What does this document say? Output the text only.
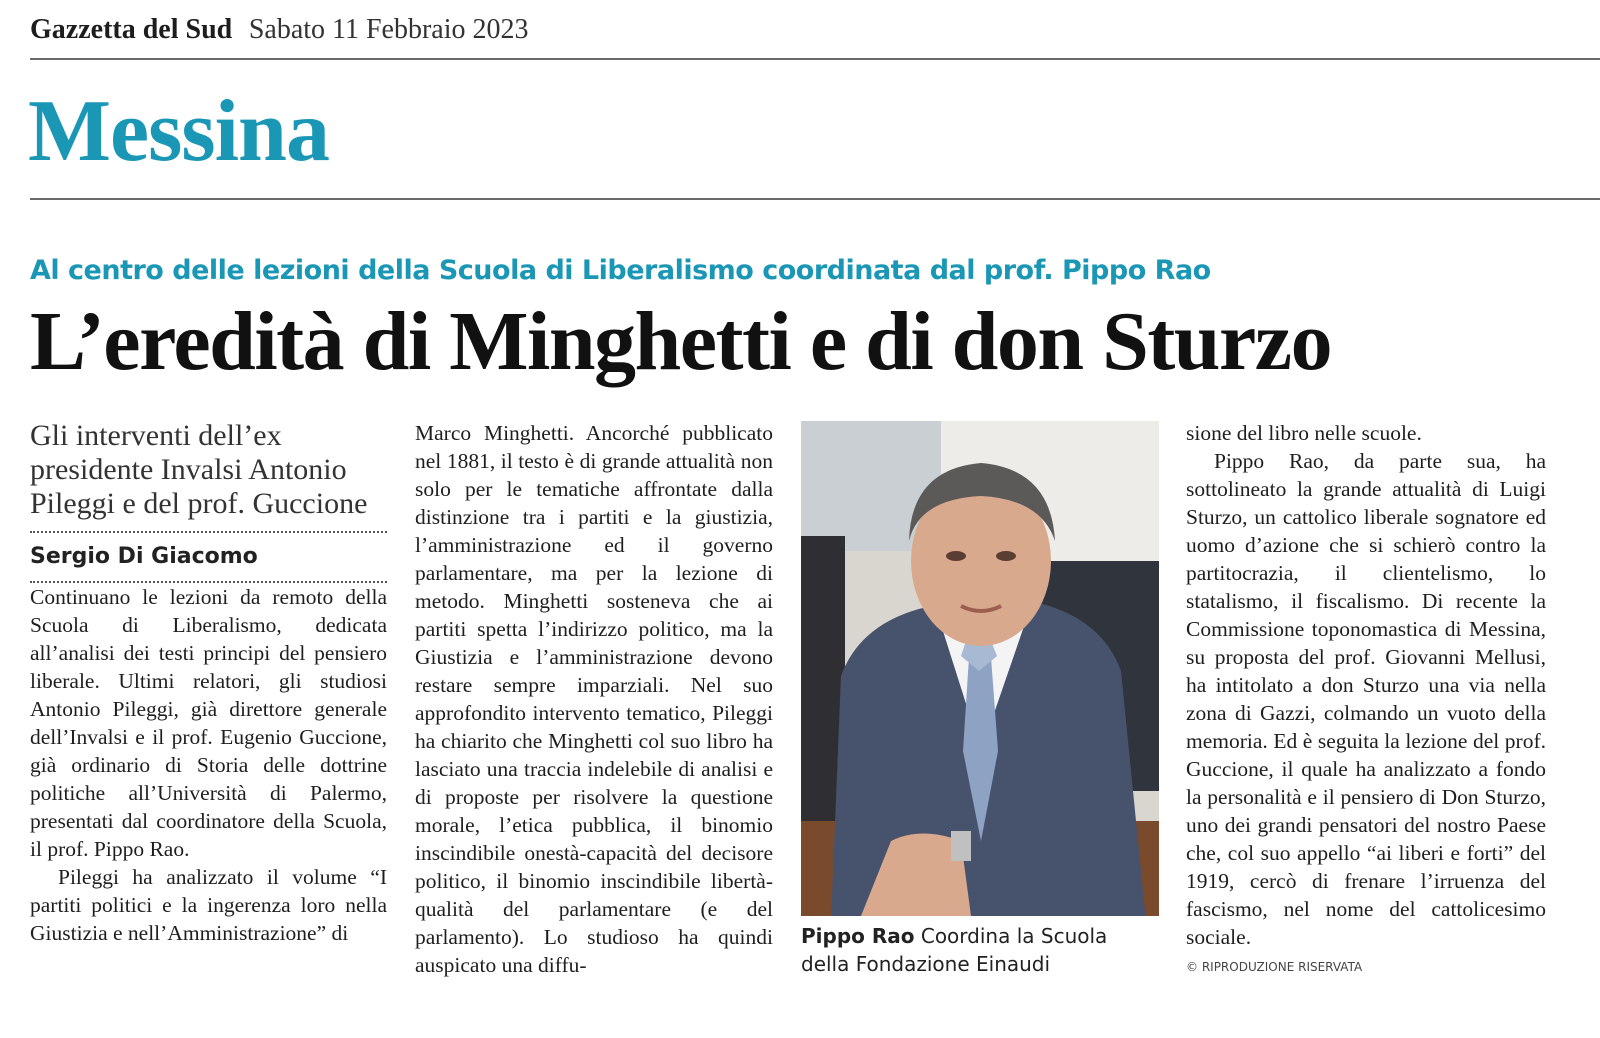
Gazzetta del Sud Sabato 11 Febbraio 2023
Messina
Al centro delle lezioni della Scuola di Liberalismo coordinata dal prof. Pippo Rao
L’eredità di Minghetti e di don Sturzo
Gli interventi dell’ex presidente Invalsi Antonio Pileggi e del prof. Guccione
Sergio Di Giacomo

Continuano le lezioni da remoto della Scuola di Liberalismo, dedicata all’analisi dei testi principi del pensiero liberale. Ultimi relatori, gli studiosi Antonio Pileggi, già direttore generale dell’Invalsi e il prof. Eugenio Guccione, già ordinario di Storia delle dottrine politiche all’Università di Palermo, presentati dal coordinatore della Scuola, il prof. Pippo Rao.

Pileggi ha analizzato il volume “I partiti politici e la ingerenza loro nella Giustizia e nell’Amministrazione” di

Marco Minghetti. Ancorché pubblicato nel 1881, il testo è di grande attualità non solo per le tematiche affrontate dalla distinzione tra i partiti e la giustizia, l’amministrazione ed il governo parlamentare, ma per la lezione di metodo. Minghetti sosteneva che ai partiti spetta l’indirizzo politico, ma la Giustizia e l’amministrazione devono restare sempre imparziali. Nel suo approfondito intervento tematico, Pileggi ha chiarito che Minghetti col suo libro ha lasciato una traccia indelebile di analisi e di proposte per risolvere la questione morale, l’etica pubblica, il binomio inscindibile onestà-capacità del decisore politico, il binomio inscindibile libertà-qualità del parlamentare (e del parlamento). Lo studioso ha quindi auspicato una diffu-

Pippo Rao Coordina la Scuola della Fondazione Einaudi

sione del libro nelle scuole.

Pippo Rao, da parte sua, ha sottolineato la grande attualità di Luigi Sturzo, un cattolico liberale sognatore ed uomo d’azione che si schierò contro la partitocrazia, il clientelismo, lo statalismo, il fiscalismo. Di recente la Commissione toponomastica di Messina, su proposta del prof. Giovanni Mellusi, ha intitolato a don Sturzo una via nella zona di Gazzi, colmando un vuoto della memoria. Ed è seguita la lezione del prof. Guccione, il quale ha analizzato a fondo la personalità e il pensiero di Don Sturzo, uno dei grandi pensatori del nostro Paese che, col suo appello “ai liberi e forti” del 1919, cercò di frenare l’irruenza del fascismo, nel nome del cattolicesimo sociale.

© RIPRODUZIONE RISERVATA
